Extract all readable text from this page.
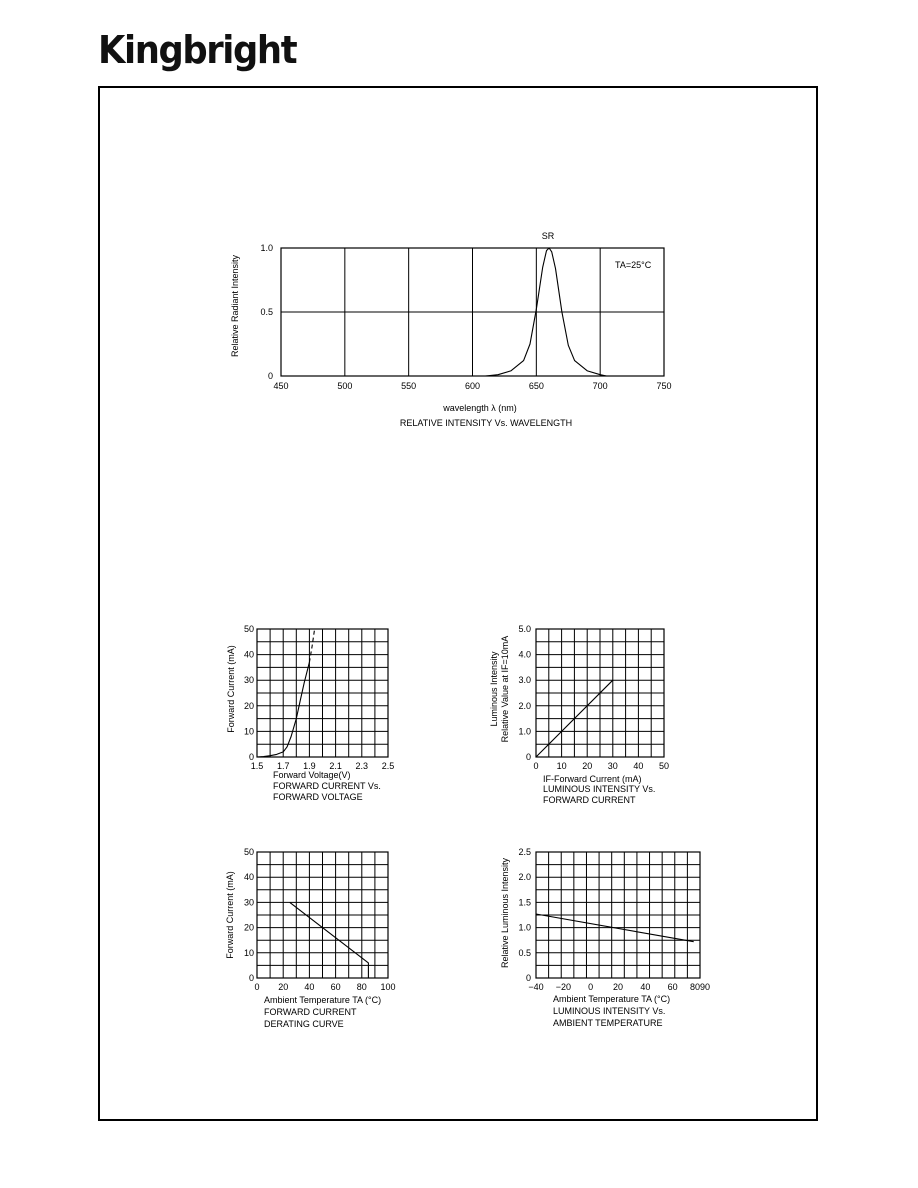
Kingbright
450	500	550	600	650	700	750
0
0.5
1.0
RELATIVE INTENSITY Vs. WAVELENGTH
wavelength λ (nm)
SR
TA=25°C
Relative Radiant Intensity
1.5 1.7 1.9 2.1 2.3 2.5
0
10
20
30
40
50
Forward Voltage(V)
FORWARD CURRENT Vs.
FORWARD VOLTAGE
Forward Current (mA)
0 10 20 30 40 50
0
1.0
2.0
3.0
4.0
5.0
IF-Forward Current (mA)
LUMINOUS INTENSITY Vs.
FORWARD CURRENT
Luminous Intensity Relative Value at IF=10mA
0 20 40 60 80 100
0
10
20
30
40
50
Ambient Temperature TA (°C)
FORWARD CURRENT
DERATING CURVE
Forward Current (mA)
−40 −20 0 20 40 60 8090
0
0.5
1.0
1.5
2.0
2.5
Ambient Temperature TA (°C)
LUMINOUS INTENSITY Vs.
AMBIENT TEMPERATURE
Relative Luminous Intensity
